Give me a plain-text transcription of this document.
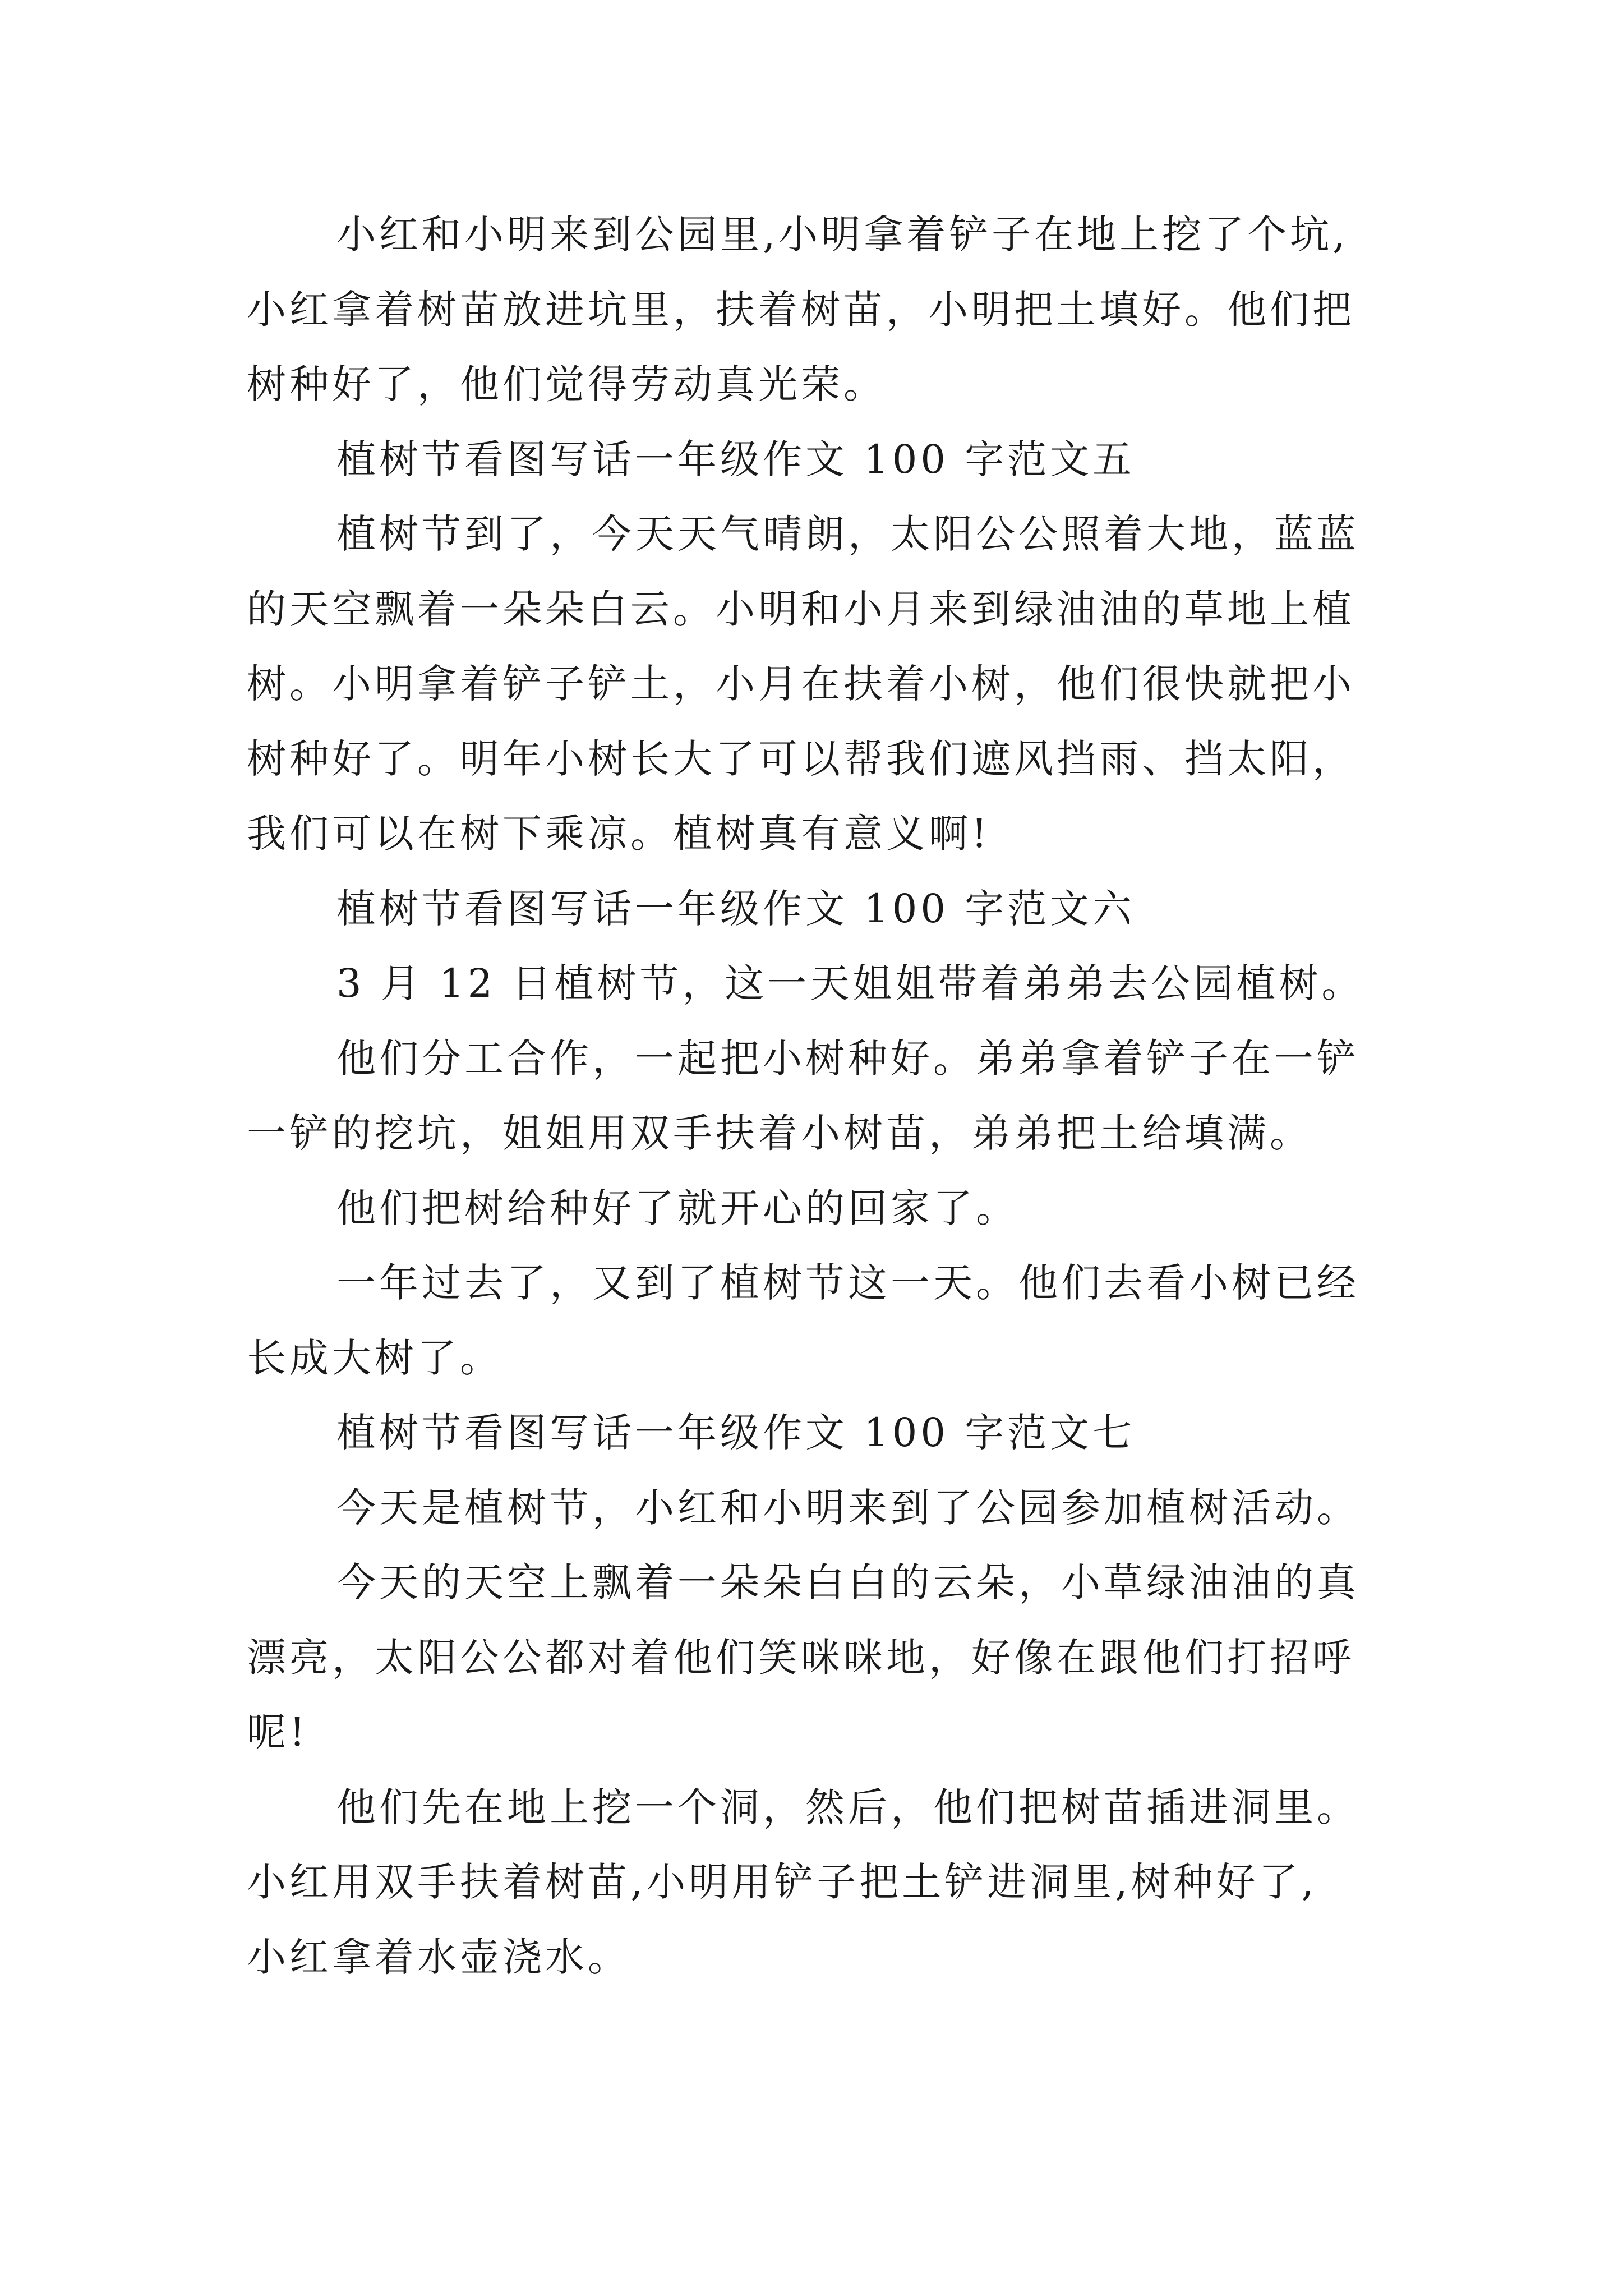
小红和小明来到公园里,小明拿着铲子在地上挖了个坑,
小红拿着树苗放进坑里，扶着树苗，小明把土填好。他们把
树种好了，他们觉得劳动真光荣。
植树节看图写话一年级作文 100 字范文五
植树节到了，今天天气晴朗，太阳公公照着大地，蓝蓝
的天空飘着一朵朵白云。小明和小月来到绿油油的草地上植
树。小明拿着铲子铲土，小月在扶着小树，他们很快就把小
树种好了。明年小树长大了可以帮我们遮风挡雨、挡太阳，
我们可以在树下乘凉。植树真有意义啊!
植树节看图写话一年级作文 100 字范文六
3 月 12 日植树节，这一天姐姐带着弟弟去公园植树。
他们分工合作，一起把小树种好。弟弟拿着铲子在一铲
一铲的挖坑，姐姐用双手扶着小树苗，弟弟把土给填满。
他们把树给种好了就开心的回家了。
一年过去了，又到了植树节这一天。他们去看小树已经
长成大树了。
植树节看图写话一年级作文 100 字范文七
今天是植树节，小红和小明来到了公园参加植树活动。
今天的天空上飘着一朵朵白白的云朵，小草绿油油的真
漂亮，太阳公公都对着他们笑咪咪地，好像在跟他们打招呼
呢!
他们先在地上挖一个洞，然后，他们把树苗插进洞里。
小红用双手扶着树苗,小明用铲子把土铲进洞里,树种好了,
小红拿着水壶浇水。
